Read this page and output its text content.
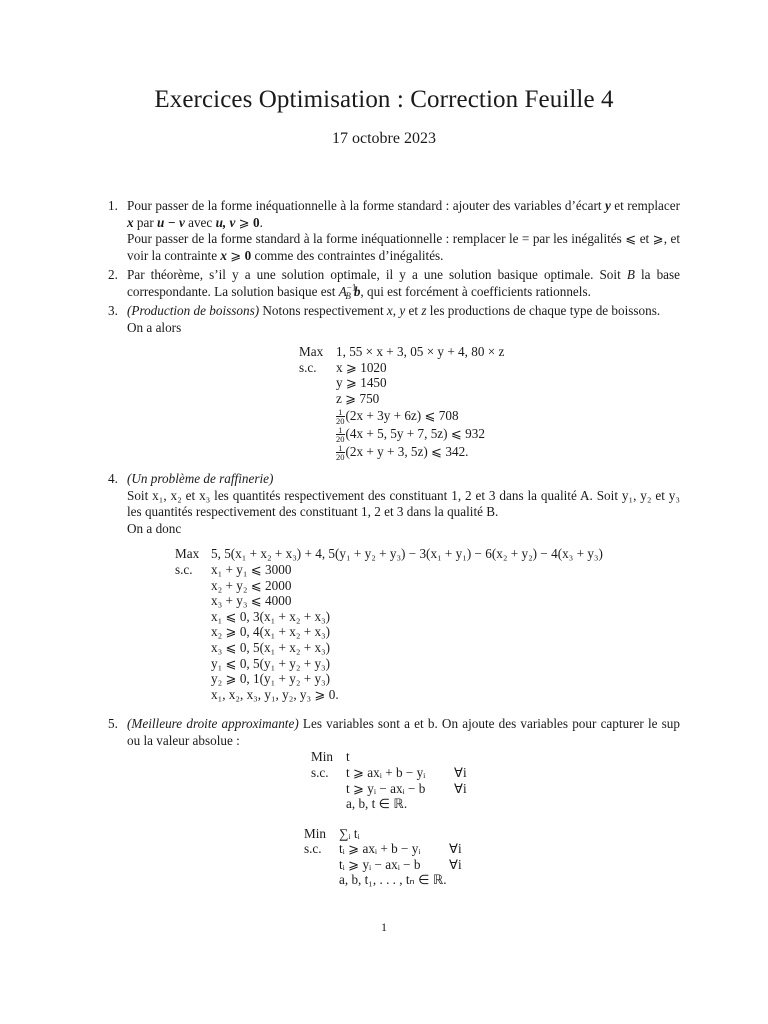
Exercices Optimisation : Correction Feuille 4
17 octobre 2023
1. Pour passer de la forme inéquationnelle à la forme standard : ajouter des variables d’écart y et remplacer x par u − v avec u, v ⩾ 0.
Pour passer de la forme standard à la forme inéquationnelle : remplacer le = par les inégalités ⩽ et ⩾, et voir la contrainte x ⩾ 0 comme des contraintes d’inégalités.
2. Par théorème, s’il y a une solution optimale, il y a une solution basique optimale. Soit B la base correspondante. La solution basique est $A^{-1}_B$ b, qui est forcément à coefficients rationnels.
3. (Production de boissons) Notons respectivement x, y et z les productions de chaque type de boissons.
On a alors
Max 1, 55 × x + 3, 05 × y + 4, 80 × z
s.c.	x ⩾ 1020
y ⩾ 1450
z ⩾ 750
$\frac{1}{20} (2x + 3y + 6z)$ ⩽ 708
$\frac{1}{20} (4x + 5$, 5y + 7, 5z) ⩽ 932
$\frac{1}{20} (2x + y + 3$, 5z) ⩽ 342.
4. (Un problème de raffinerie)
Soit x₁, x₂ et x₃ les quantités respectivement des constituant 1, 2 et 3 dans la qualité A. Soit y₁, y₂ et y₃ les quantités respectivement des constituant 1, 2 et 3 dans la qualité B.
On a donc
Max 5, 5(x₁ + x₂ + x₃) + 4, 5(y₁ + y₂ + y₃) − 3(x₁ + y₁) − 6(x₂ + y₂) − 4(x₃ + y₃)
s.c.	x₁ + y₁ ⩽ 3000
x₂ + y₂ ⩽ 2000
x₃ + y₃ ⩽ 4000
x₁ ⩽ 0, 3(x₁ + x₂ + x₃)
x₂ ⩾ 0, 4(x₁ + x₂ + x₃)
x₃ ⩽ 0, 5(x₁ + x₂ + x₃)
y₁ ⩽ 0, 5(y₁ + y₂ + y₃)
y₂ ⩾ 0, 1(y₁ + y₂ + y₃)
x₁, x₂, x₃, y₁, y₂, y₃ ⩾ 0.
5. (Meilleure droite approximante) Les variables sont a et b. On ajoute des variables pour capturer le sup ou la valeur absolue :
Min t
s.c.	t ⩾ axᵢ + b − yᵢ	∀i
t ⩾ yᵢ − axᵢ − b	∀i
a, b, t ∈ ℝ.
Min ∑ᵢ tᵢ
s.c.	tᵢ ⩾ axᵢ + b − yᵢ	∀i
tᵢ ⩾ yᵢ − axᵢ − b	∀i
a, b, t₁, . . . , tₙ ∈ ℝ.
1
